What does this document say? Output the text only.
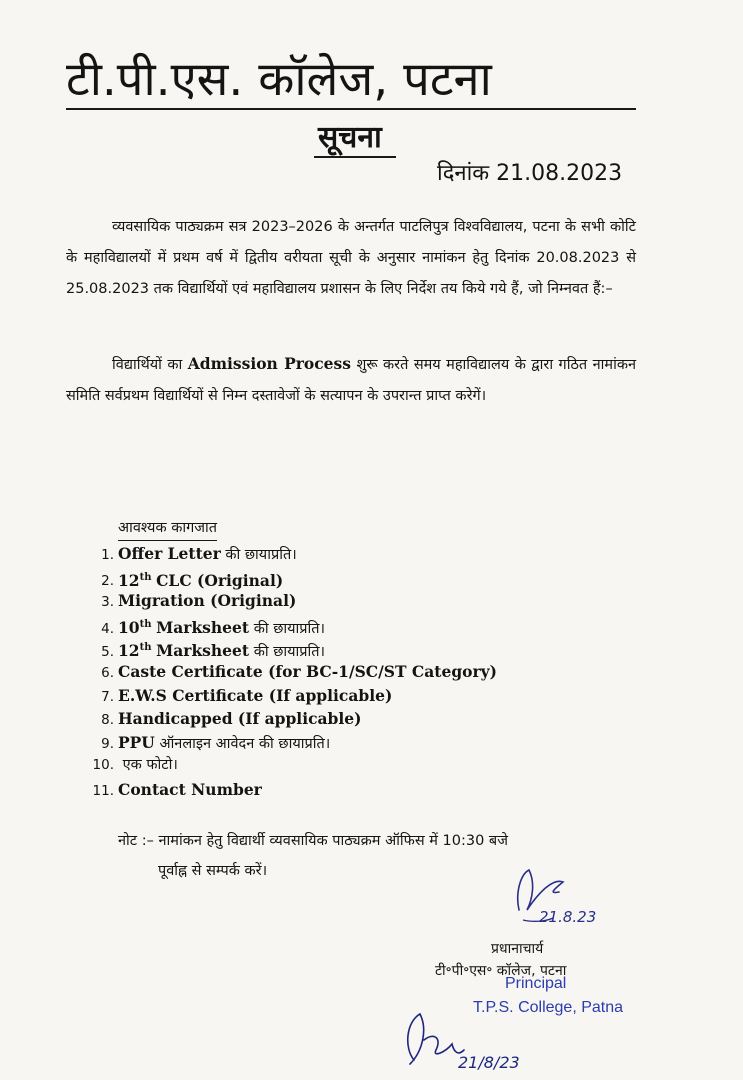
टी.पी.एस. कॉलेज, पटना
सूचना
दिनांक 21.08.2023

व्यवसायिक पाठ्यक्रम सत्र 2023–2026 के अन्तर्गत पाटलिपुत्र विश्वविद्यालय, पटना के सभी कोटि के महाविद्यालयों में प्रथम वर्ष में द्वितीय वरीयता सूची के अनुसार नामांकन हेतु दिनांक 20.08.2023 से 25.08.2023 तक विद्यार्थियों एवं महाविद्यालय प्रशासन के लिए निर्देश तय किये गये हैं, जो निम्नवत हैं:–

विद्यार्थियों का Admission Process शुरू करते समय महाविद्यालय के द्वारा गठित नामांकन समिति सर्वप्रथम विद्यार्थियों से निम्न दस्तावेजों के सत्यापन के उपरान्त प्राप्त करेगें।

आवश्यक कागजात
1. Offer Letter की छायाप्रति।
2. 12th CLC (Original)
3. Migration (Original)
4. 10th Marksheet की छायाप्रति।
5. 12th Marksheet की छायाप्रति।
6. Caste Certificate (for BC-1/SC/ST Category)
7. E.W.S Certificate (If applicable)
8. Handicapped (If applicable)
9. PPU ऑनलाइन आवेदन की छायाप्रति।
10. एक फोटो।
11. Contact Number

नोट :– नामांकन हेतु विद्यार्थी व्यवसायिक पाठ्यक्रम ऑफिस में 10:30 बजे
पूर्वाह्न से सम्पर्क करें।

21.8.23
प्रधानाचार्य
टी॰पी॰एस॰ कॉलेज, पटना
Principal
T.P.S. College, Patna
21/8/23
